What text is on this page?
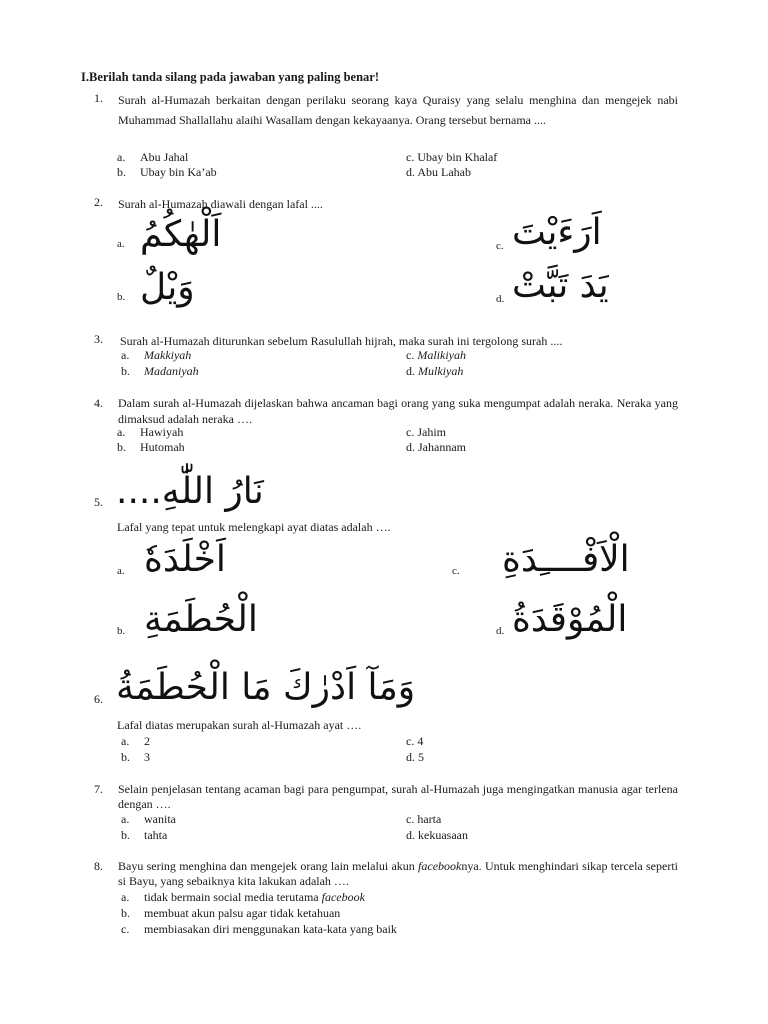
I.Berilah tanda silang pada jawaban yang paling benar!
1.	Surah al-Humazah berkaitan dengan perilaku seorang kaya Quraisy yang selalu menghina dan mengejek nabi Muhammad Shallallahu alaihi Wasallam dengan kekayaanya. Orang tersebut bernama ....
a. Abu Jahal
b. Ubay bin Ka’ab
c. Ubay bin Khalaf
d. Abu Lahab
2.	Surah al-Humazah diawali dengan lafal ....
a. اَلْهٰكُمُ
b. وَيْلٌ
c. اَرَءَيْتَ
d. يَدَ تَبَّتْ
3.	Surah al-Humazah diturunkan sebelum Rasulullah hijrah, maka surah ini tergolong surah ....
a. Makkiyah
b. Madaniyah
c. Malikiyah
d. Mulkiyah
4.	Dalam surah al-Humazah dijelaskan bahwa ancaman bagi orang yang suka mengumpat adalah neraka. Neraka yang dimaksud adalah neraka ….
a. Hawiyah
b. Hutomah
c. Jahim
d. Jahannam
5. نَارُ اللّٰهِ....
Lafal yang tepat untuk melengkapi ayat diatas adalah ….
a. اَخْلَدَهٗ
b. الْحُطَمَةِ
c. الْاَفْــــِدَةِ
d. الْمُوْقَدَةُ
6. وَمَآ اَدْرٰكَ مَا الْحُطَمَةُ
Lafal diatas merupakan surah al-Humazah ayat ….
a. 2
b. 3
c. 4
d. 5
7.	Selain penjelasan tentang acaman bagi para pengumpat, surah al-Humazah juga mengingatkan manusia agar terlena dengan ….
a. wanita
b. tahta
c. harta
d. kekuasaan
8.	Bayu sering menghina dan mengejek orang lain melalui akun facebooknya. Untuk menghindari sikap tercela seperti si Bayu, yang sebaiknya kita lakukan adalah ….
a. tidak bermain social media terutama facebook
b. membuat akun palsu agar tidak ketahuan
c. membiasakan diri menggunakan kata-kata yang baik
